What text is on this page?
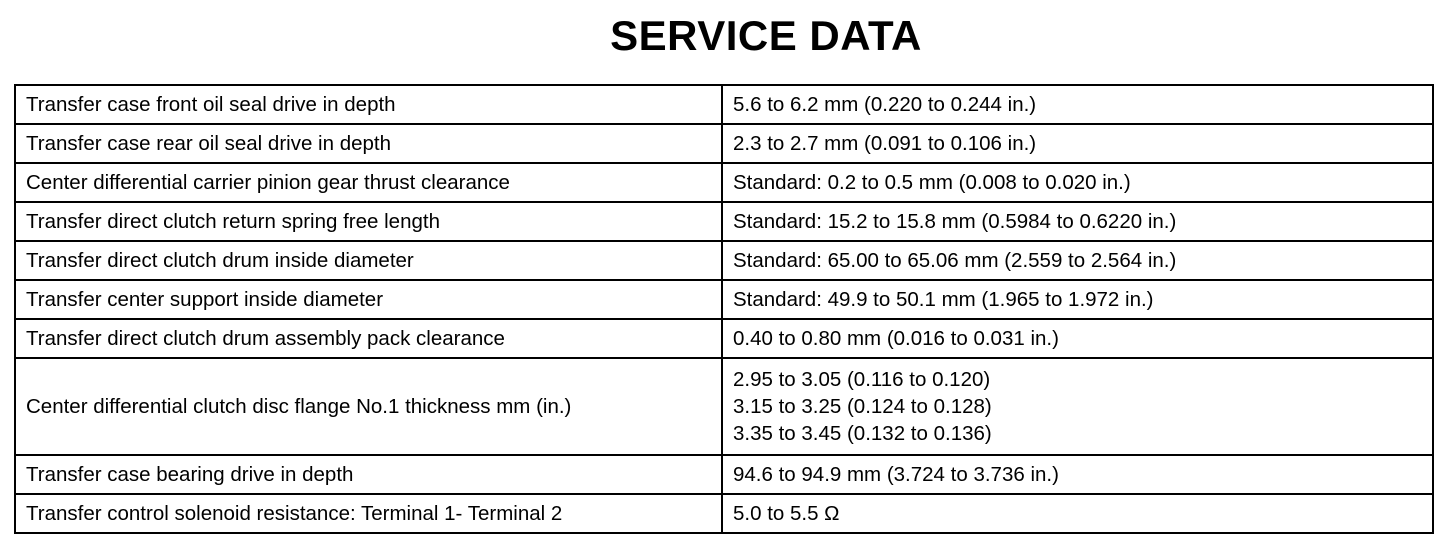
SERVICE DATA
Transfer case front oil seal drive in depth	5.6 to 6.2 mm (0.220 to 0.244 in.)
Transfer case rear oil seal drive in depth	2.3 to 2.7 mm (0.091 to 0.106 in.)
Center differential carrier pinion gear thrust clearance	Standard: 0.2 to 0.5 mm (0.008 to 0.020 in.)
Transfer direct clutch return spring free length	Standard: 15.2 to 15.8 mm (0.5984 to 0.6220 in.)
Transfer direct clutch drum inside diameter	Standard: 65.00 to 65.06 mm (2.559 to 2.564 in.)
Transfer center support inside diameter	Standard: 49.9 to 50.1 mm (1.965 to 1.972 in.)
Transfer direct clutch drum assembly pack clearance	0.40 to 0.80 mm (0.016 to 0.031 in.)
Center differential clutch disc flange No.1 thickness mm (in.)	2.95 to 3.05 (0.116 to 0.120)
3.15 to 3.25 (0.124 to 0.128)
3.35 to 3.45 (0.132 to 0.136)

Transfer case bearing drive in depth	94.6 to 94.9 mm (3.724 to 3.736 in.)
Transfer control solenoid resistance: Terminal 1- Terminal 2	5.0 to 5.5 Ω
